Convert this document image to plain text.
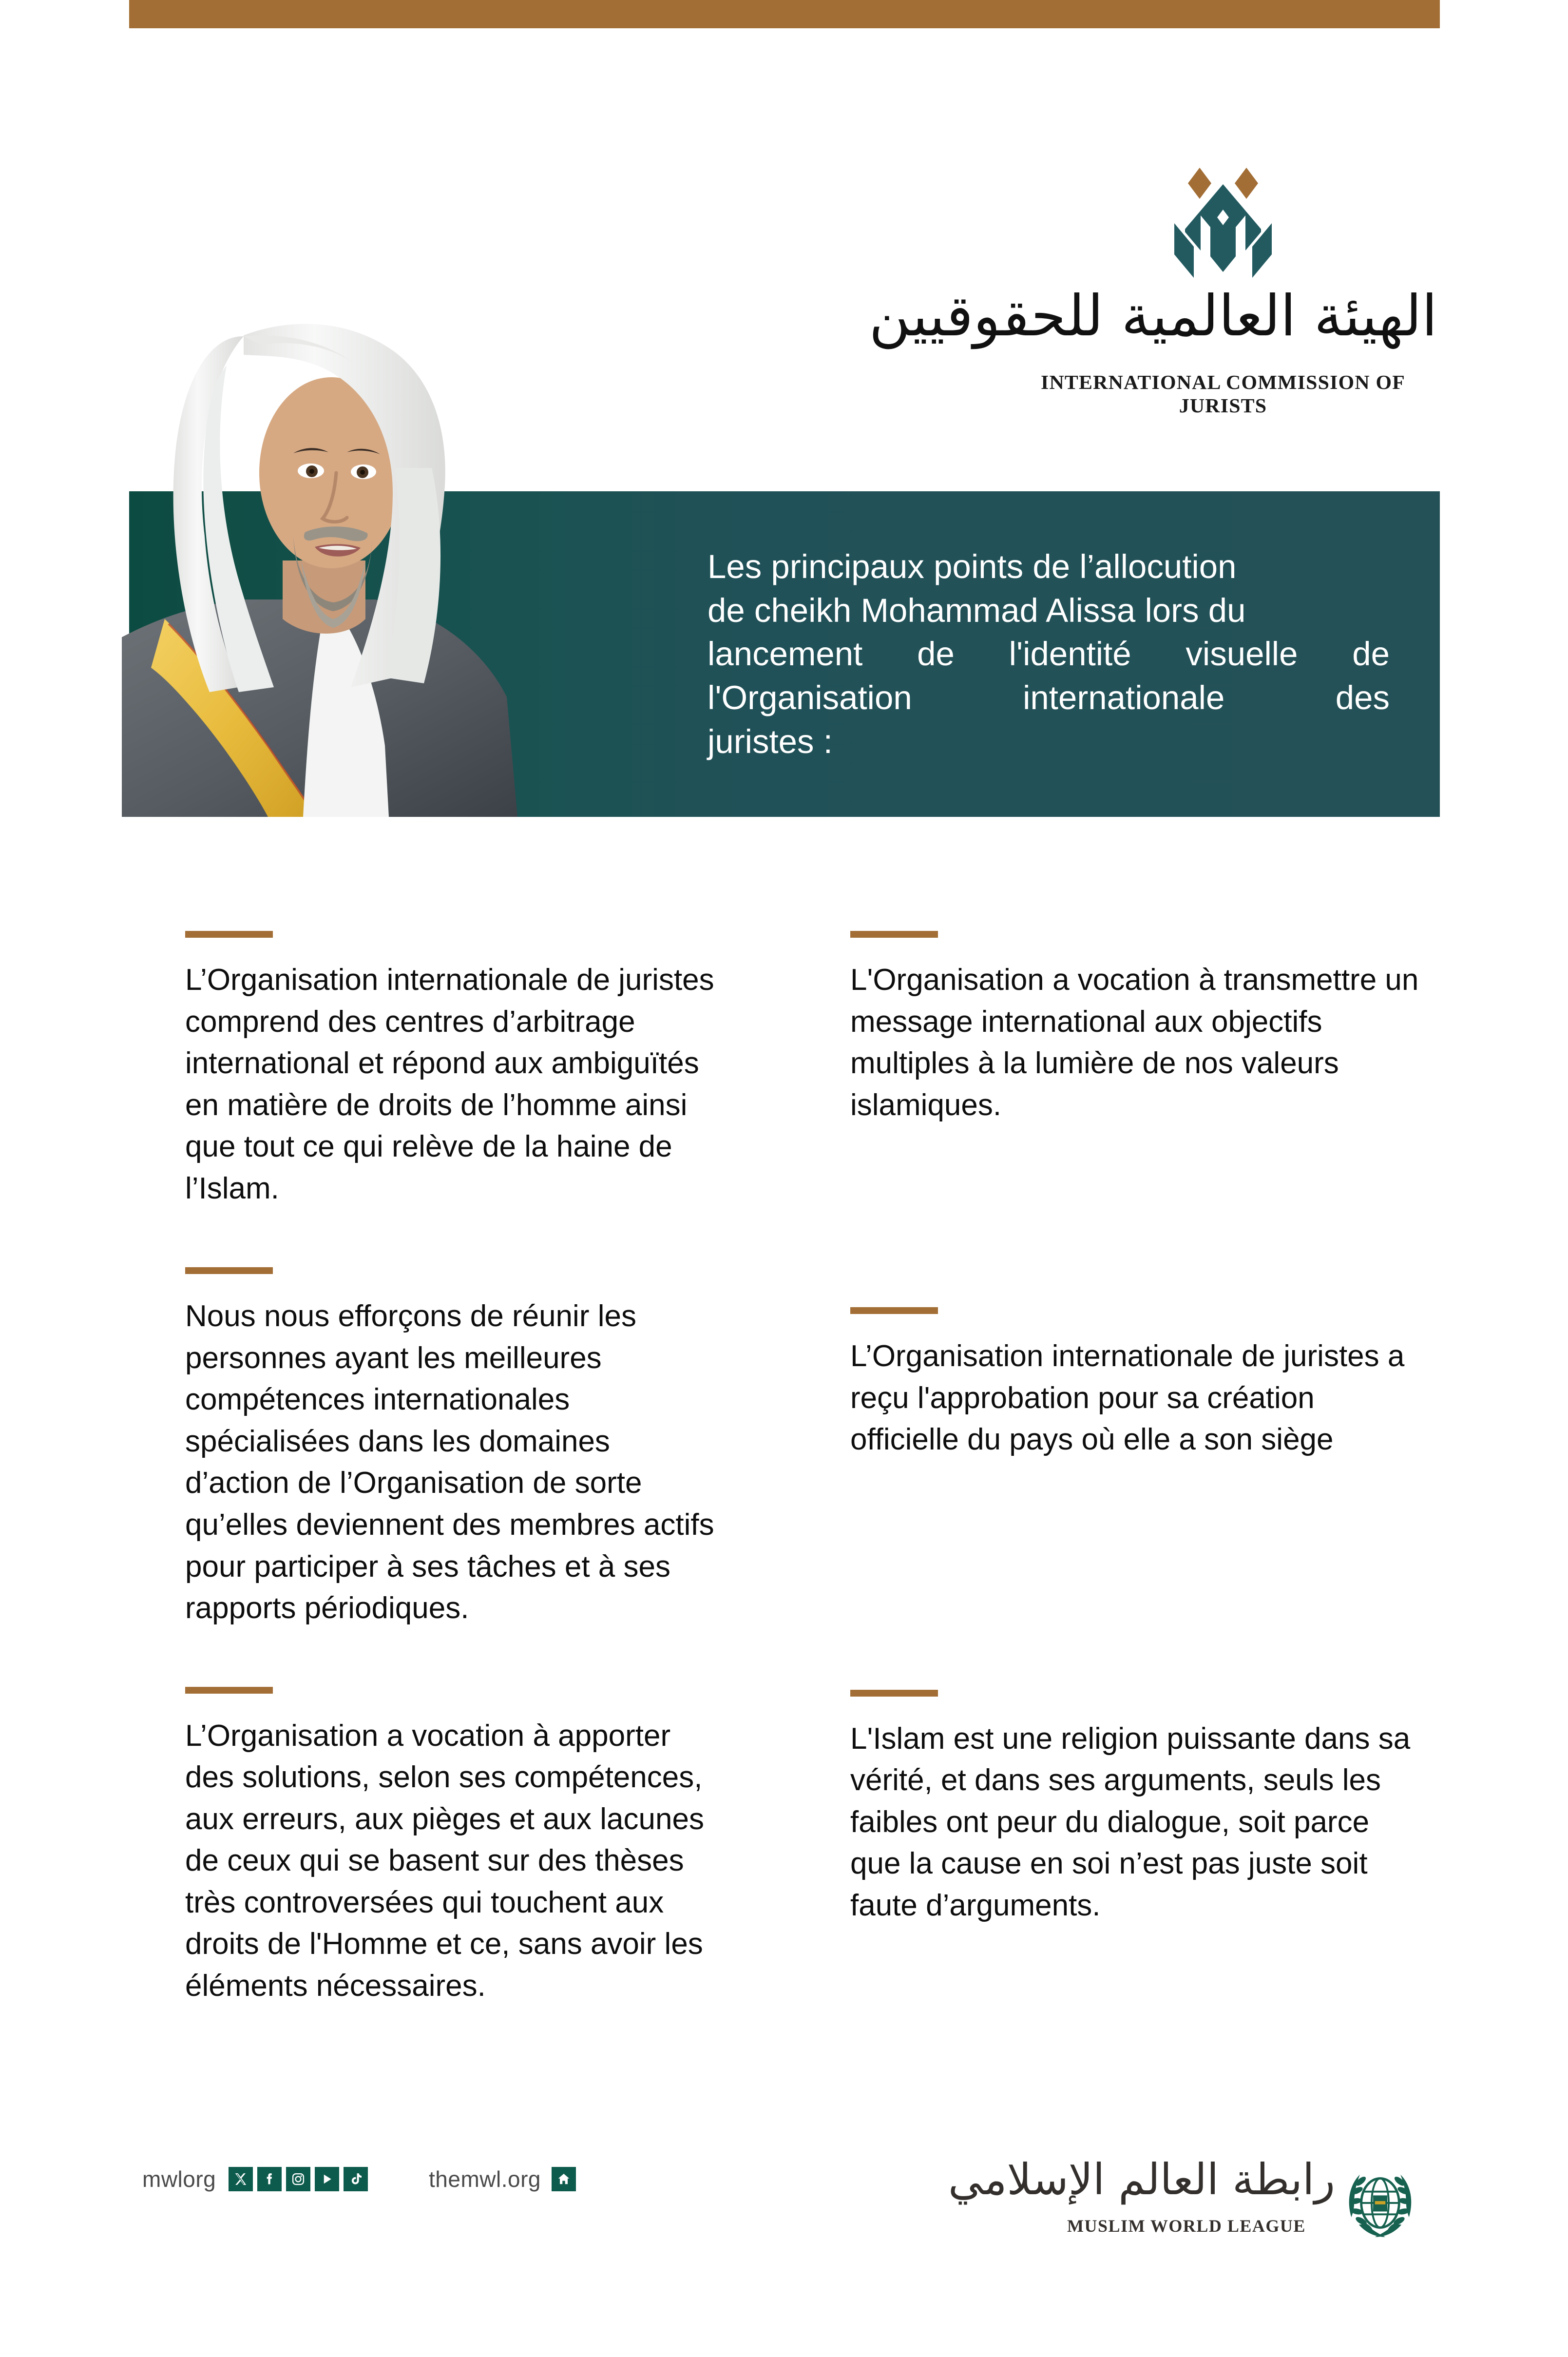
الهيئة العالمية للحقوقيين
INTERNATIONAL COMMISSION OF JURISTS
Les principaux points de l’allocution
de cheikh Mohammad Alissa lors du
lancement de l'identité visuelle de
l'Organisation	internationale	des
juristes :

L’Organisation internationale de juristes comprend des centres d’arbitrage international et répond aux ambiguïtés en matière de droits de l’homme ainsi que tout ce qui relève de la haine de l’Islam.

Nous nous efforçons de réunir les personnes ayant les meilleures compétences internationales spécialisées dans les domaines d’action de l’Organisation de sorte qu’elles deviennent des membres actifs pour participer à ses tâches et à ses rapports périodiques.

L’Organisation a vocation à apporter des solutions, selon ses compétences, aux erreurs, aux pièges et aux lacunes de ceux qui se basent sur des thèses très controversées qui touchent aux droits de l'Homme et ce, sans avoir les éléments nécessaires.

L'Organisation a vocation à transmettre un message international aux objectifs multiples à la lumière de nos valeurs islamiques.

L’Organisation internationale de juristes a reçu l'approbation pour sa création officielle du pays où elle a son siège

L'Islam est une religion puissante dans sa vérité, et dans ses arguments, seuls les faibles ont peur du dialogue, soit parce que la cause en soi n’est pas juste soit faute d’arguments.

mwlorg	themwl.org	رابطة العالم الإسلامي
MUSLIM WORLD LEAGUE
